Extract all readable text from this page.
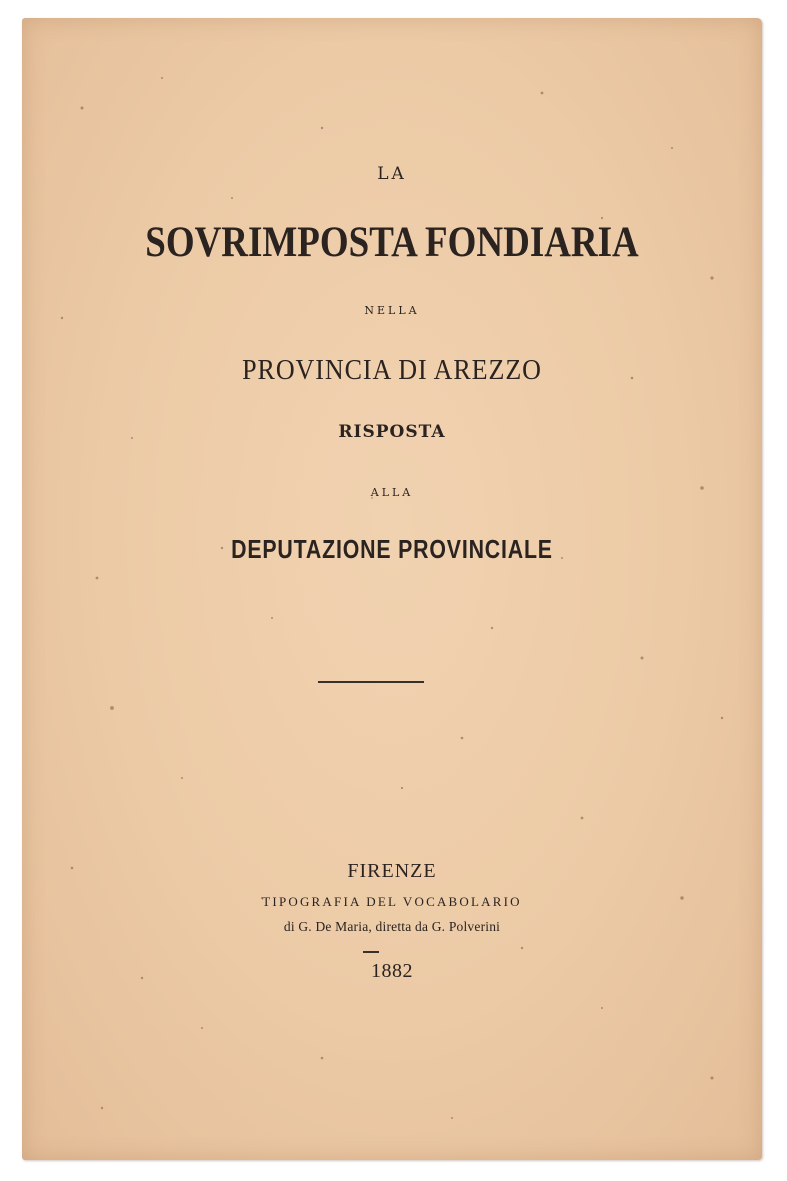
LA

SOVRIMPOSTA FONDIARIA

NELLA

PROVINCIA DI AREZZO

RISPOSTA

ALLA

DEPUTAZIONE PROVINCIALE

FIRENZE

TIPOGRAFIA DEL VOCABOLARIO

di G. De Maria, diretta da G. Polverini

1882
